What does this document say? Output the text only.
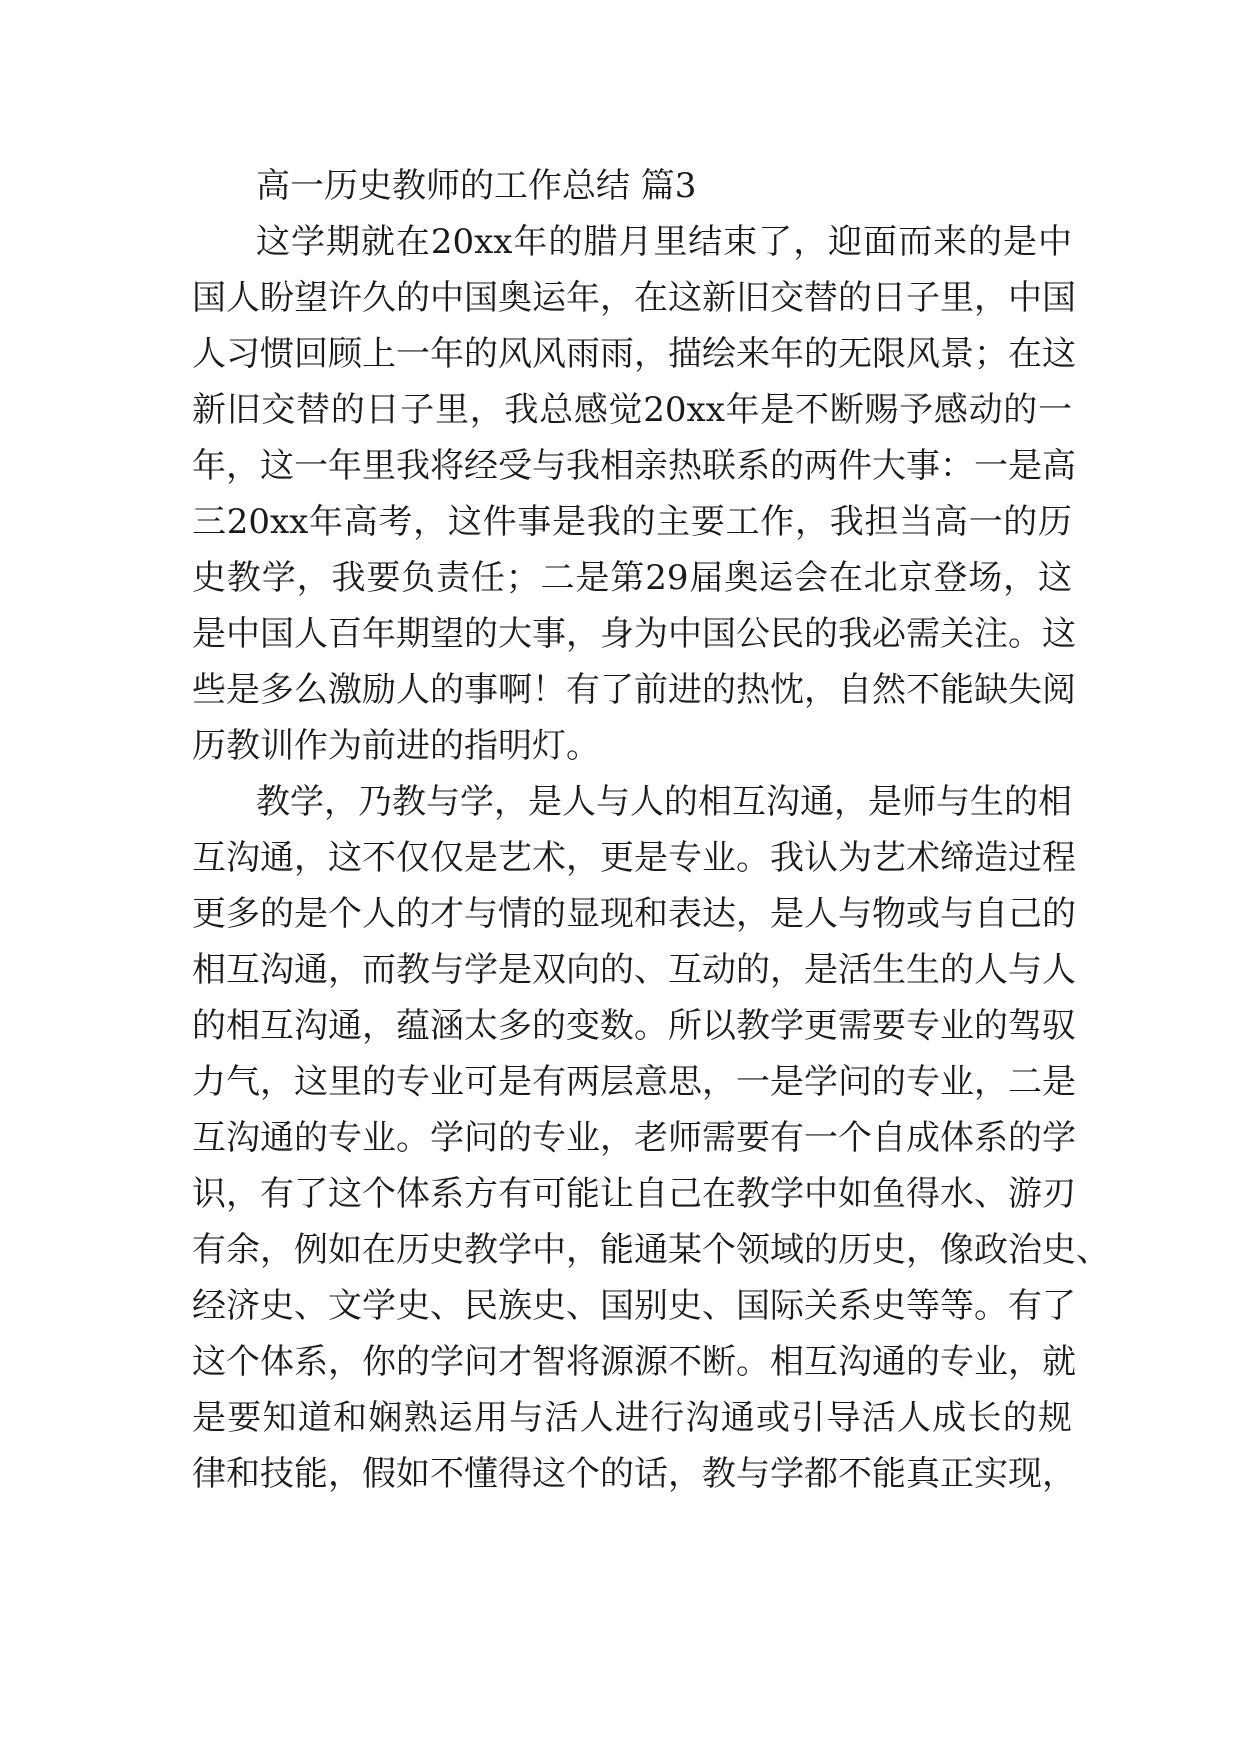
高一历史教师的工作总结 篇3
这学期就在20xx年的腊月里结束了，迎面而来的是中
国人盼望许久的中国奥运年，在这新旧交替的日子里，中国
人习惯回顾上一年的风风雨雨，描绘来年的无限风景；在这
新旧交替的日子里，我总感觉20xx年是不断赐予感动的一
年，这一年里我将经受与我相亲热联系的两件大事：一是高
三20xx年高考，这件事是我的主要工作，我担当高一的历
史教学，我要负责任；二是第29届奥运会在北京登场，这
是中国人百年期望的大事，身为中国公民的我必需关注。这
些是多么激励人的事啊！有了前进的热忱，自然不能缺失阅
历教训作为前进的指明灯。
教学，乃教与学，是人与人的相互沟通，是师与生的相
互沟通，这不仅仅是艺术，更是专业。我认为艺术缔造过程
更多的是个人的才与情的显现和表达，是人与物或与自己的
相互沟通，而教与学是双向的、互动的，是活生生的人与人
的相互沟通，蕴涵太多的变数。所以教学更需要专业的驾驭
力气，这里的专业可是有两层意思，一是学问的专业，二是
互沟通的专业。学问的专业，老师需要有一个自成体系的学
识，有了这个体系方有可能让自己在教学中如鱼得水、游刃
有余，例如在历史教学中，能通某个领域的历史，像政治史、
经济史、文学史、民族史、国别史、国际关系史等等。有了
这个体系，你的学问才智将源源不断。相互沟通的专业，就
是要知道和娴熟运用与活人进行沟通或引导活人成长的规
律和技能，假如不懂得这个的话，教与学都不能真正实现，
